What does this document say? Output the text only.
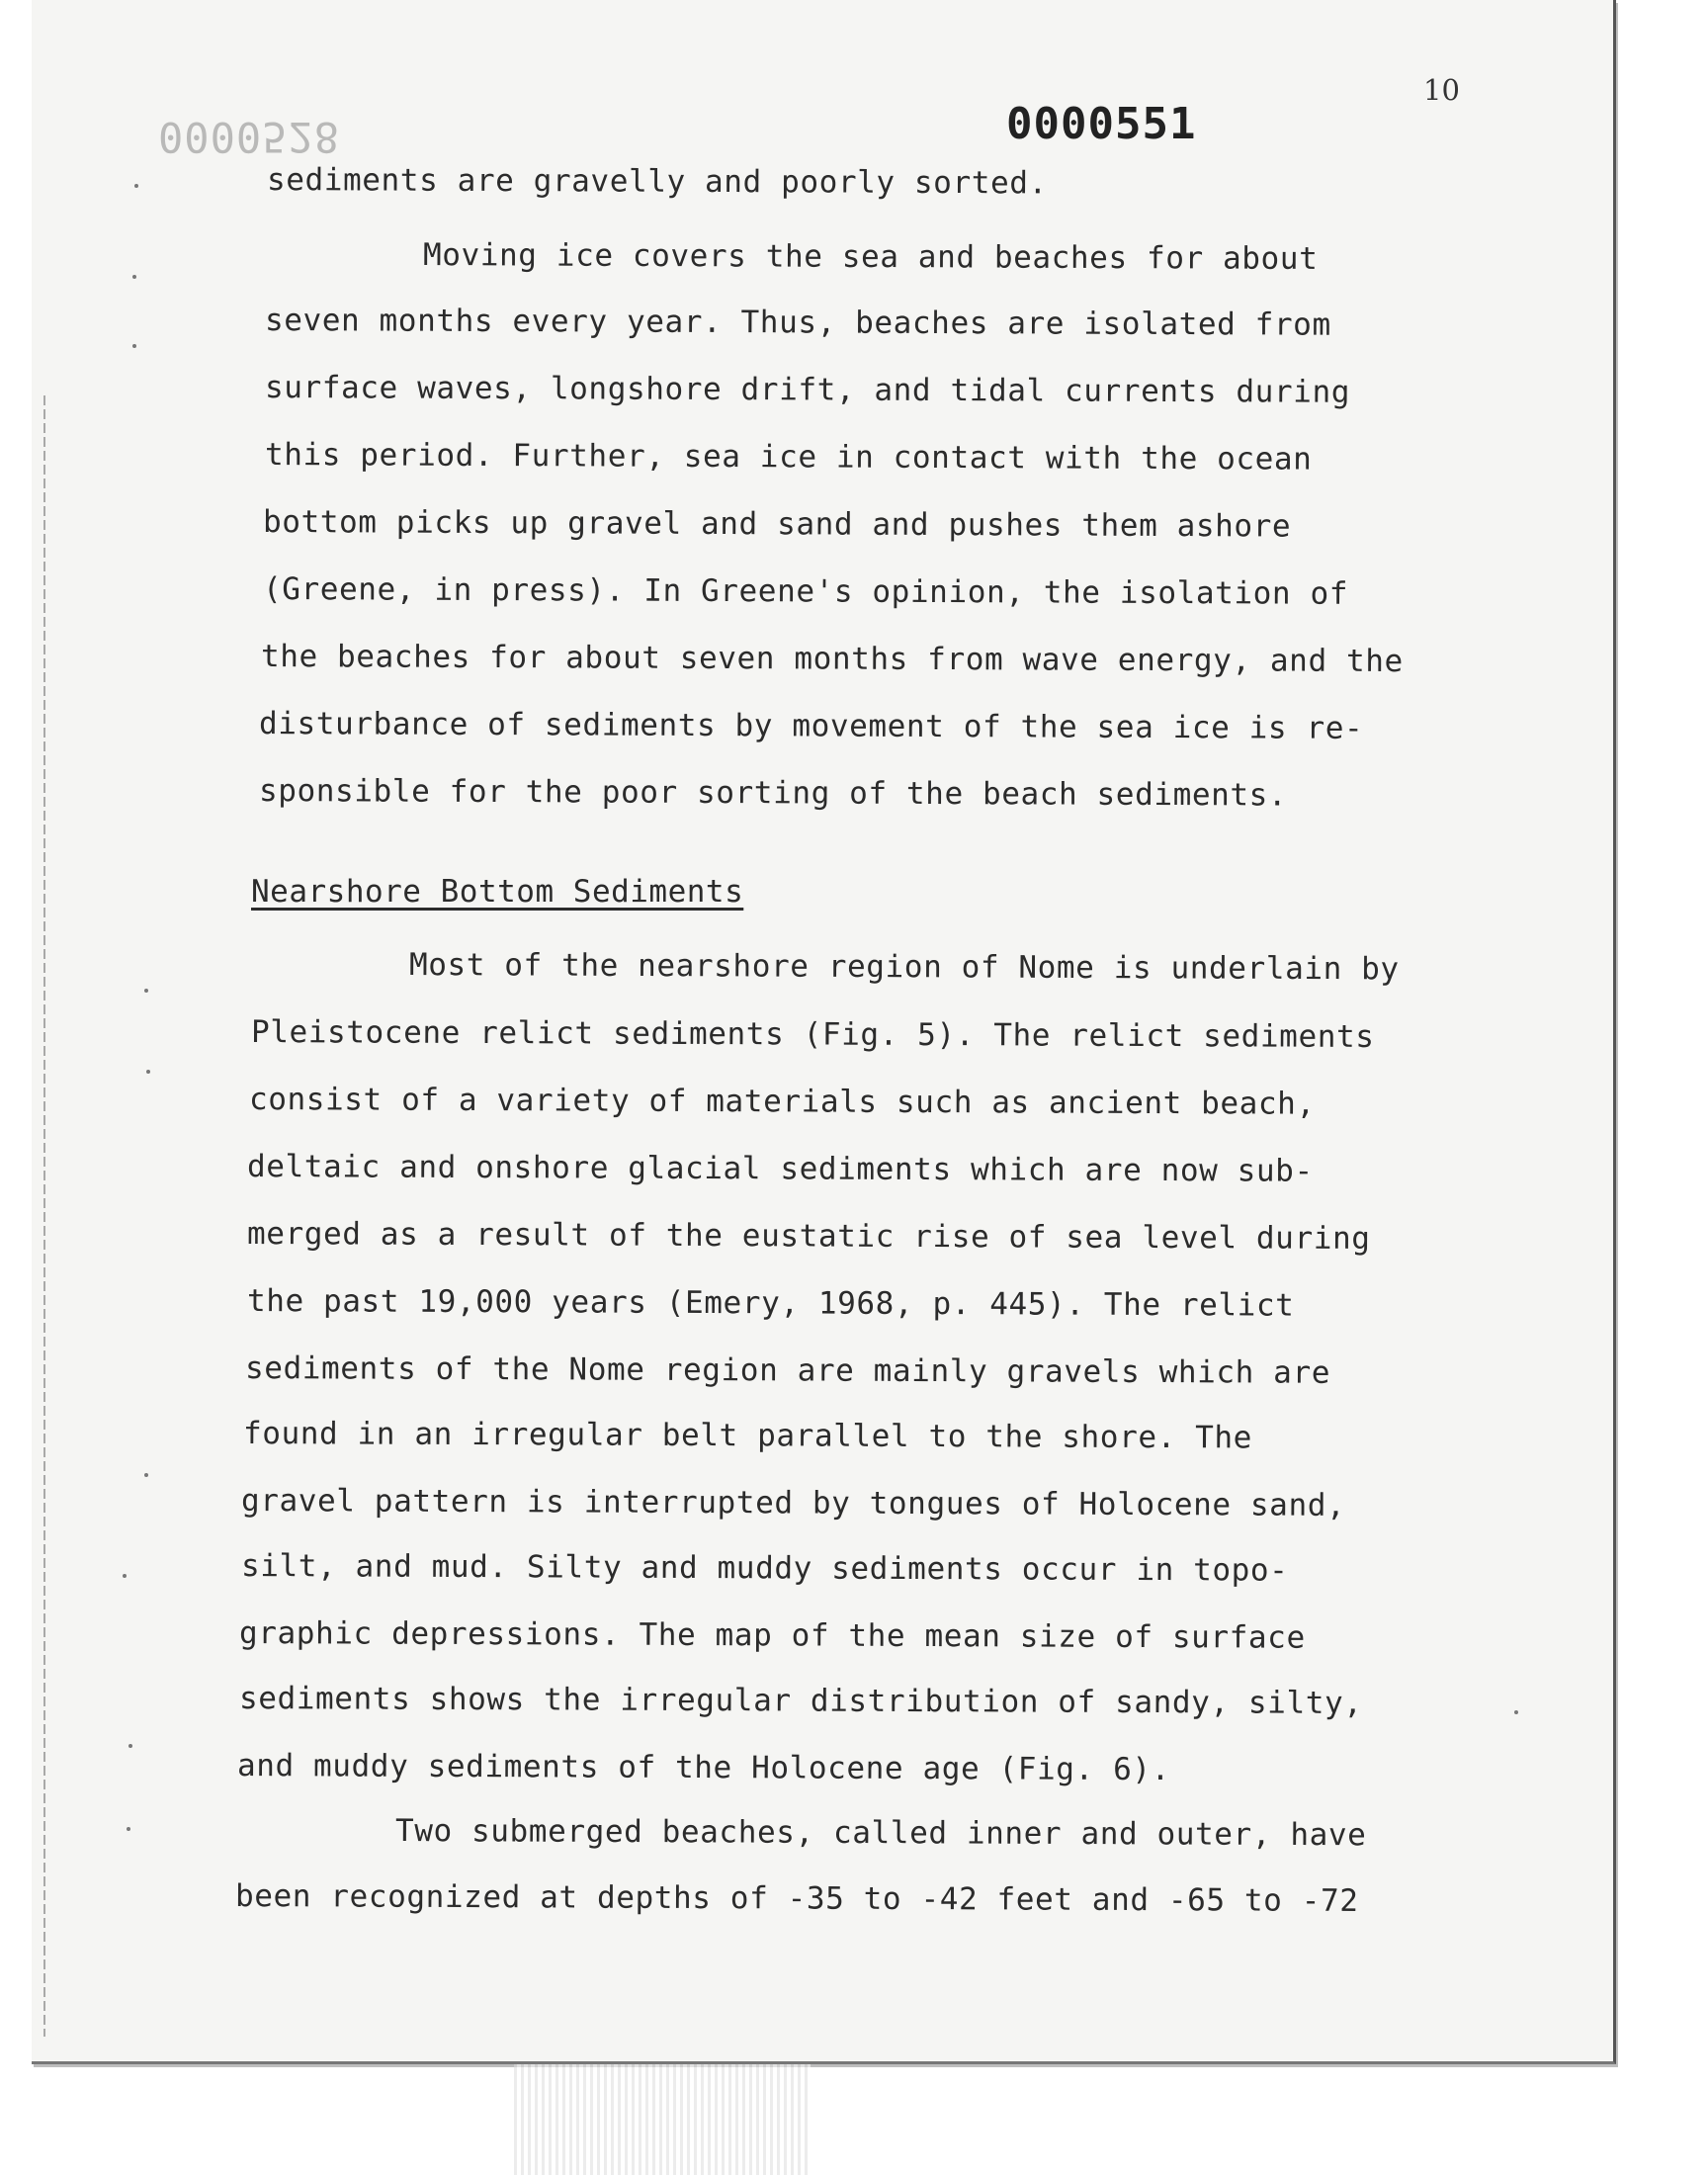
0000528	0000551
10
sediments are gravelly and poorly sorted.
Moving ice covers the sea and beaches for about
seven months every year. Thus, beaches are isolated from
surface waves, longshore drift, and tidal currents during
this period. Further, sea ice in contact with the ocean
bottom picks up gravel and sand and pushes them ashore
(Greene, in press). In Greene's opinion, the isolation of
the beaches for about seven months from wave energy, and the
disturbance of sediments by movement of the sea ice is re-
sponsible for the poor sorting of the beach sediments.
Nearshore Bottom Sediments
Most of the nearshore region of Nome is underlain by
Pleistocene relict sediments (Fig. 5). The relict sediments
consist of a variety of materials such as ancient beach,
deltaic and onshore glacial sediments which are now sub-
merged as a result of the eustatic rise of sea level during
the past 19,000 years (Emery, 1968, p. 445). The relict
sediments of the Nome region are mainly gravels which are
found in an irregular belt parallel to the shore. The
gravel pattern is interrupted by tongues of Holocene sand,
silt, and mud. Silty and muddy sediments occur in topo-
graphic depressions. The map of the mean size of surface
sediments shows the irregular distribution of sandy, silty,
and muddy sediments of the Holocene age (Fig. 6).
Two submerged beaches, called inner and outer, have
been recognized at depths of -35 to -42 feet and -65 to -72
